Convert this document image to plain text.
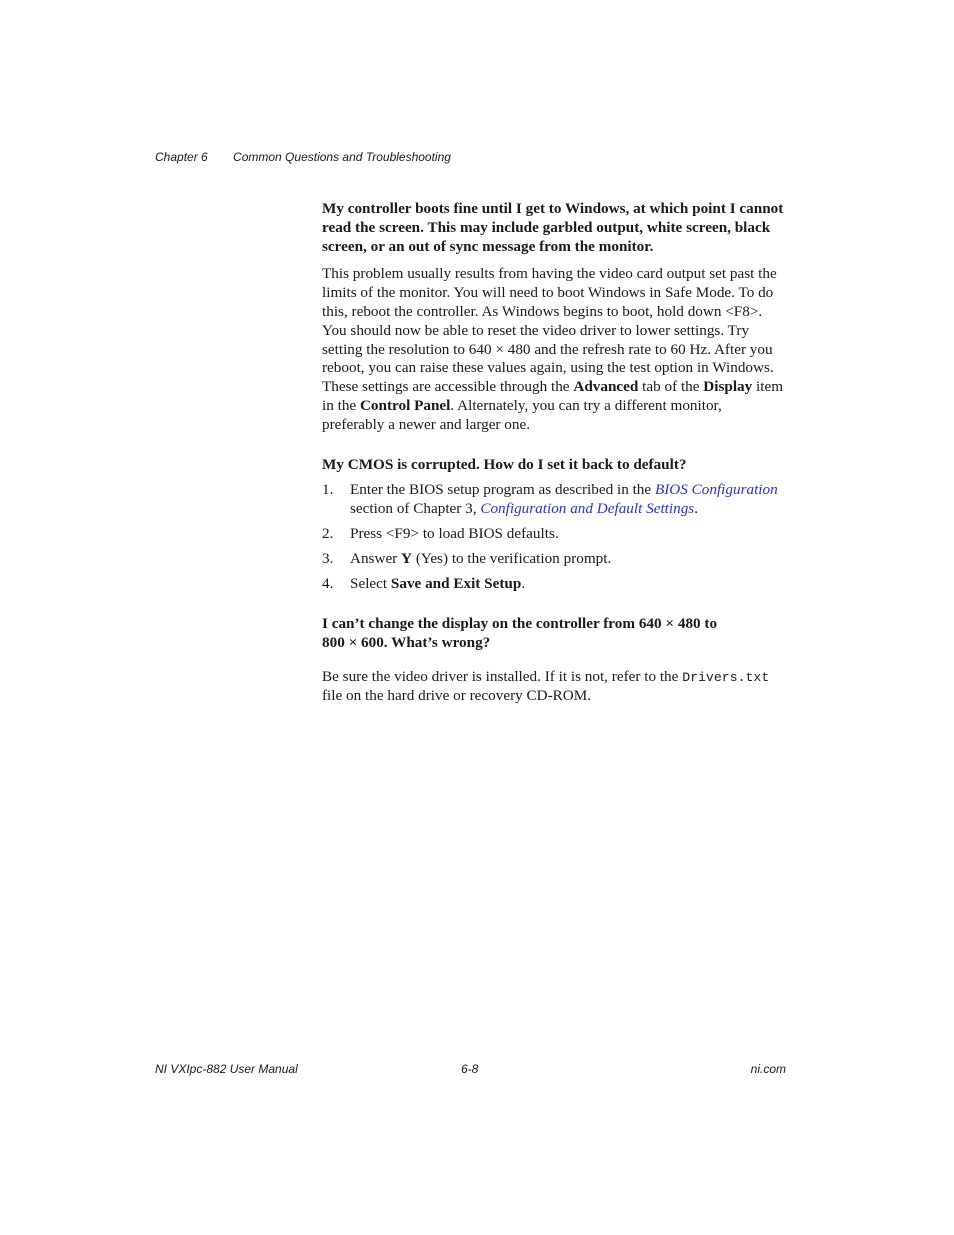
Chapter 6 Common Questions and Troubleshooting

My controller boots fine until I get to Windows, at which point I cannot read the screen. This may include garbled output, white screen, black screen, or an out of sync message from the monitor.

This problem usually results from having the video card output set past the limits of the monitor. You will need to boot Windows in Safe Mode. To do this, reboot the controller. As Windows begins to boot, hold down <F8>. You should now be able to reset the video driver to lower settings. Try setting the resolution to 640 × 480 and the refresh rate to 60 Hz. After you reboot, you can raise these values again, using the test option in Windows. These settings are accessible through the Advanced tab of the Display item in the Control Panel. Alternately, you can try a different monitor, preferably a newer and larger one.

My CMOS is corrupted. How do I set it back to default?

1. Enter the BIOS setup program as described in the BIOS Configuration section of Chapter 3, Configuration and Default Settings.
2. Press <F9> to load BIOS defaults.
3. Answer Y (Yes) to the verification prompt.
4. Select Save and Exit Setup.

I can’t change the display on the controller from 640 × 480 to
800 × 600. What’s wrong?

Be sure the video driver is installed. If it is not, refer to the Drivers.txt file on the hard drive or recovery CD-ROM.

NI VXIpc-882 User Manual	6-8	ni.com
